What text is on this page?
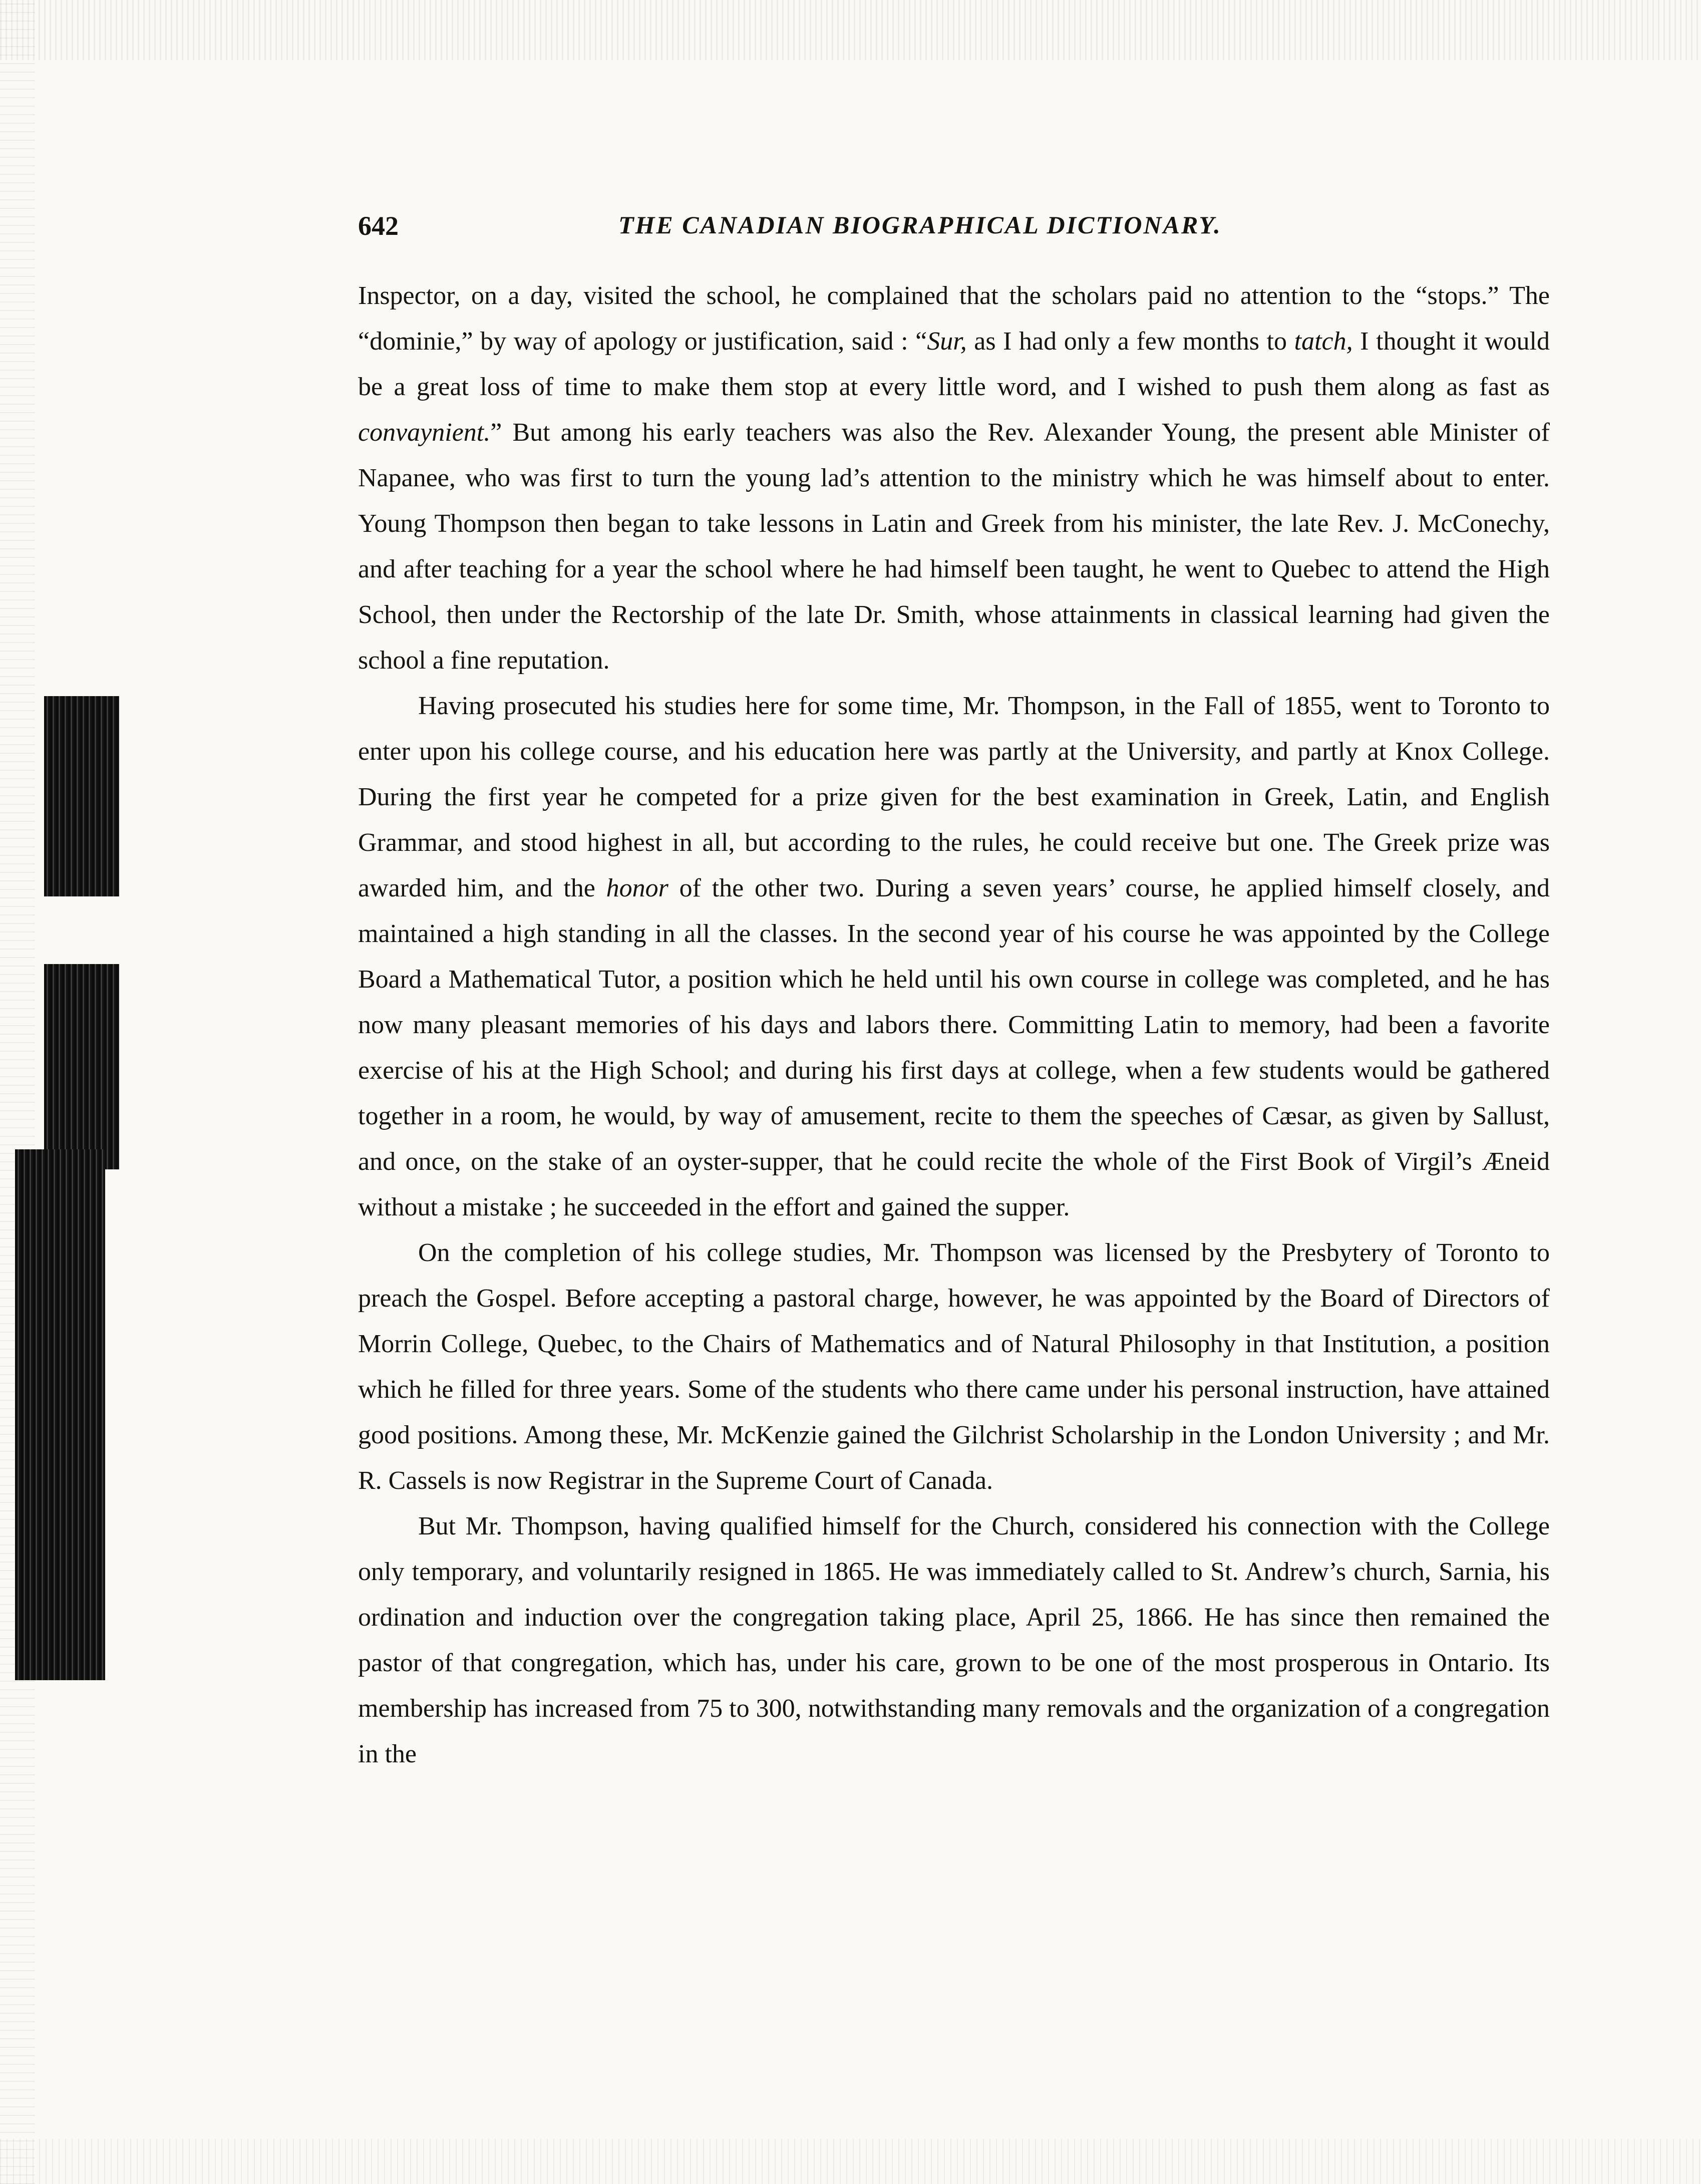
642	THE CANADIAN BIOGRAPHICAL DICTIONARY.

Inspector, on a day, visited the school, he complained that the scholars paid no attention to the “stops.” The “dominie,” by way of apology or justification, said : “Sur, as I had only a few months to tatch, I thought it would be a great loss of time to make them stop at every little word, and I wished to push them along as fast as convaynient.” But among his early teachers was also the Rev. Alexander Young, the present able Minister of Napanee, who was first to turn the young lad’s attention to the ministry which he was himself about to enter. Young Thompson then began to take lessons in Latin and Greek from his minister, the late Rev. J. McConechy, and after teaching for a year the school where he had himself been taught, he went to Quebec to attend the High School, then under the Rectorship of the late Dr. Smith, whose attainments in classical learning had given the school a fine reputation.

Having prosecuted his studies here for some time, Mr. Thompson, in the Fall of 1855, went to Toronto to enter upon his college course, and his education here was partly at the University, and partly at Knox College. During the first year he competed for a prize given for the best examination in Greek, Latin, and English Grammar, and stood highest in all, but according to the rules, he could receive but one. The Greek prize was awarded him, and the honor of the other two. During a seven years’ course, he applied himself closely, and maintained a high standing in all the classes. In the second year of his course he was appointed by the College Board a Mathematical Tutor, a position which he held until his own course in college was completed, and he has now many pleasant memories of his days and labors there. Committing Latin to memory, had been a favorite exercise of his at the High School; and during his first days at college, when a few students would be gathered together in a room, he would, by way of amusement, recite to them the speeches of Cæsar, as given by Sallust, and once, on the stake of an oyster-supper, that he could recite the whole of the First Book of Virgil’s Æneid without a mistake ; he succeeded in the effort and gained the supper.

On the completion of his college studies, Mr. Thompson was licensed by the Presbytery of Toronto to preach the Gospel. Before accepting a pastoral charge, however, he was appointed by the Board of Directors of Morrin College, Quebec, to the Chairs of Mathematics and of Natural Philosophy in that Institution, a position which he filled for three years. Some of the students who there came under his personal instruction, have attained good positions. Among these, Mr. McKenzie gained the Gilchrist Scholarship in the London University ; and Mr. R. Cassels is now Registrar in the Supreme Court of Canada.

But Mr. Thompson, having qualified himself for the Church, considered his connection with the College only temporary, and voluntarily resigned in 1865. He was immediately called to St. Andrew’s church, Sarnia, his ordination and induction over the congregation taking place, April 25, 1866. He has since then remained the pastor of that congregation, which has, under his care, grown to be one of the most prosperous in Ontario. Its membership has increased from 75 to 300, notwithstanding many removals and the organization of a congregation in the
